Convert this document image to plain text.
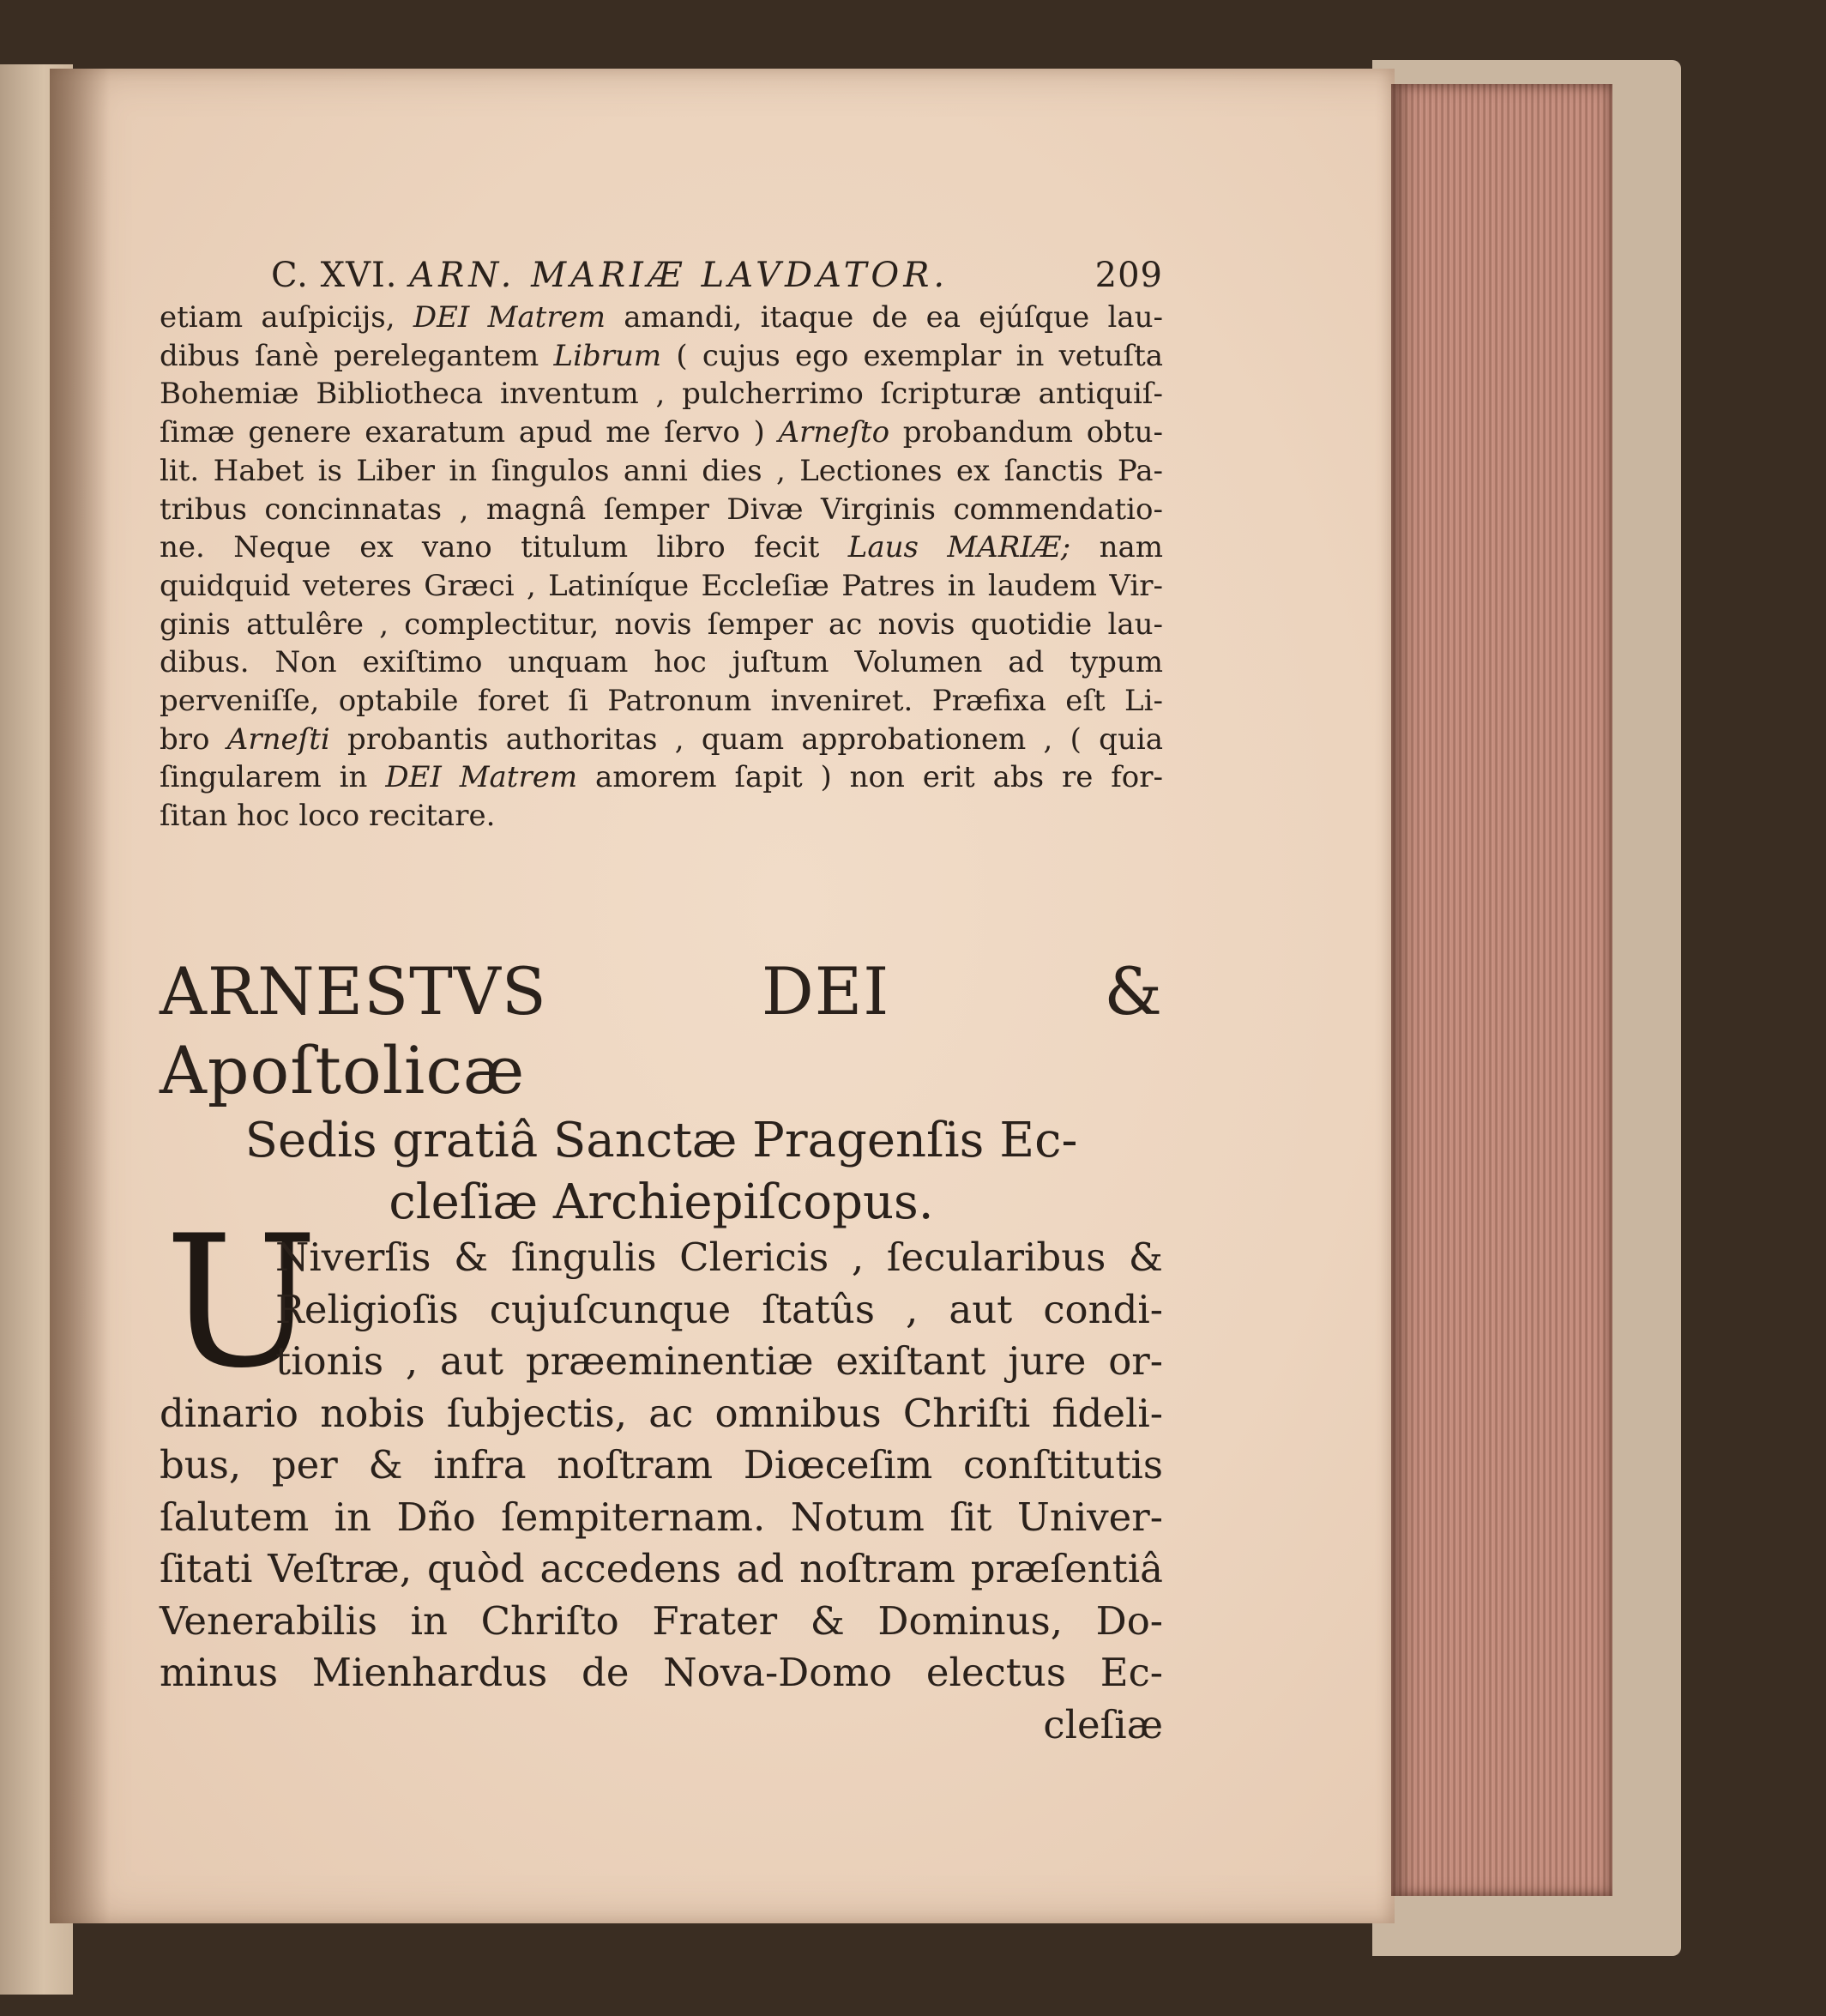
C. XVI. ARN. MARIÆ LAVDATOR.	209
etiam auſpicijs, DEI Matrem amandi, itaque de ea ejúſque lau-
dibus ſanè perelegantem Librum ( cujus ego exemplar in vetuſta
Bohemiæ Bibliotheca inventum , pulcherrimo ſcripturæ antiquiſ-
ſimæ genere exaratum apud me ſervo ) Arneſto probandum obtu-
lit. Habet is Liber in ſingulos anni dies , Lectiones ex ſanctis Pa-
tribus concinnatas , magnâ ſemper Divæ Virginis commendatio-
ne. Neque ex vano titulum libro fecit Laus MARIÆ; nam
quidquid veteres Græci , Latiníque Eccleſiæ Patres in laudem Vir-
ginis attulêre , complectitur, novis ſemper ac novis quotidie lau-
dibus. Non exiſtimo unquam hoc juſtum Volumen ad typum
perveniſſe, optabile foret ſi Patronum inveniret. Præfixa eſt Li-
bro Arneſti probantis authoritas , quam approbationem , ( quia
ſingularem in DEI Matrem amorem ſapit ) non erit abs re for-
ſitan hoc loco recitare.
ARNESTVS DEI & Apoſtolicæ
Sedis gratiâ Sanctæ Pragenſis Ec-
cleſiæ Archiepiſcopus.
U
Niverſis & ſingulis Clericis , ſecularibus &
Religioſis cujuſcunque ſtatûs , aut condi-
tionis , aut præeminentiæ exiſtant jure or-
dinario nobis ſubjectis, ac omnibus Chriſti fideli-
bus, per & infra noſtram Diœceſim conſtitutis
ſalutem in Dño ſempiternam. Notum ſit Univer-
ſitati Veſtræ, quòd accedens ad noſtram præſentiâ
Venerabilis in Chriſto Frater & Dominus, Do-
minus Mienhardus de Nova-Domo electus Ec-
cleſiæ
